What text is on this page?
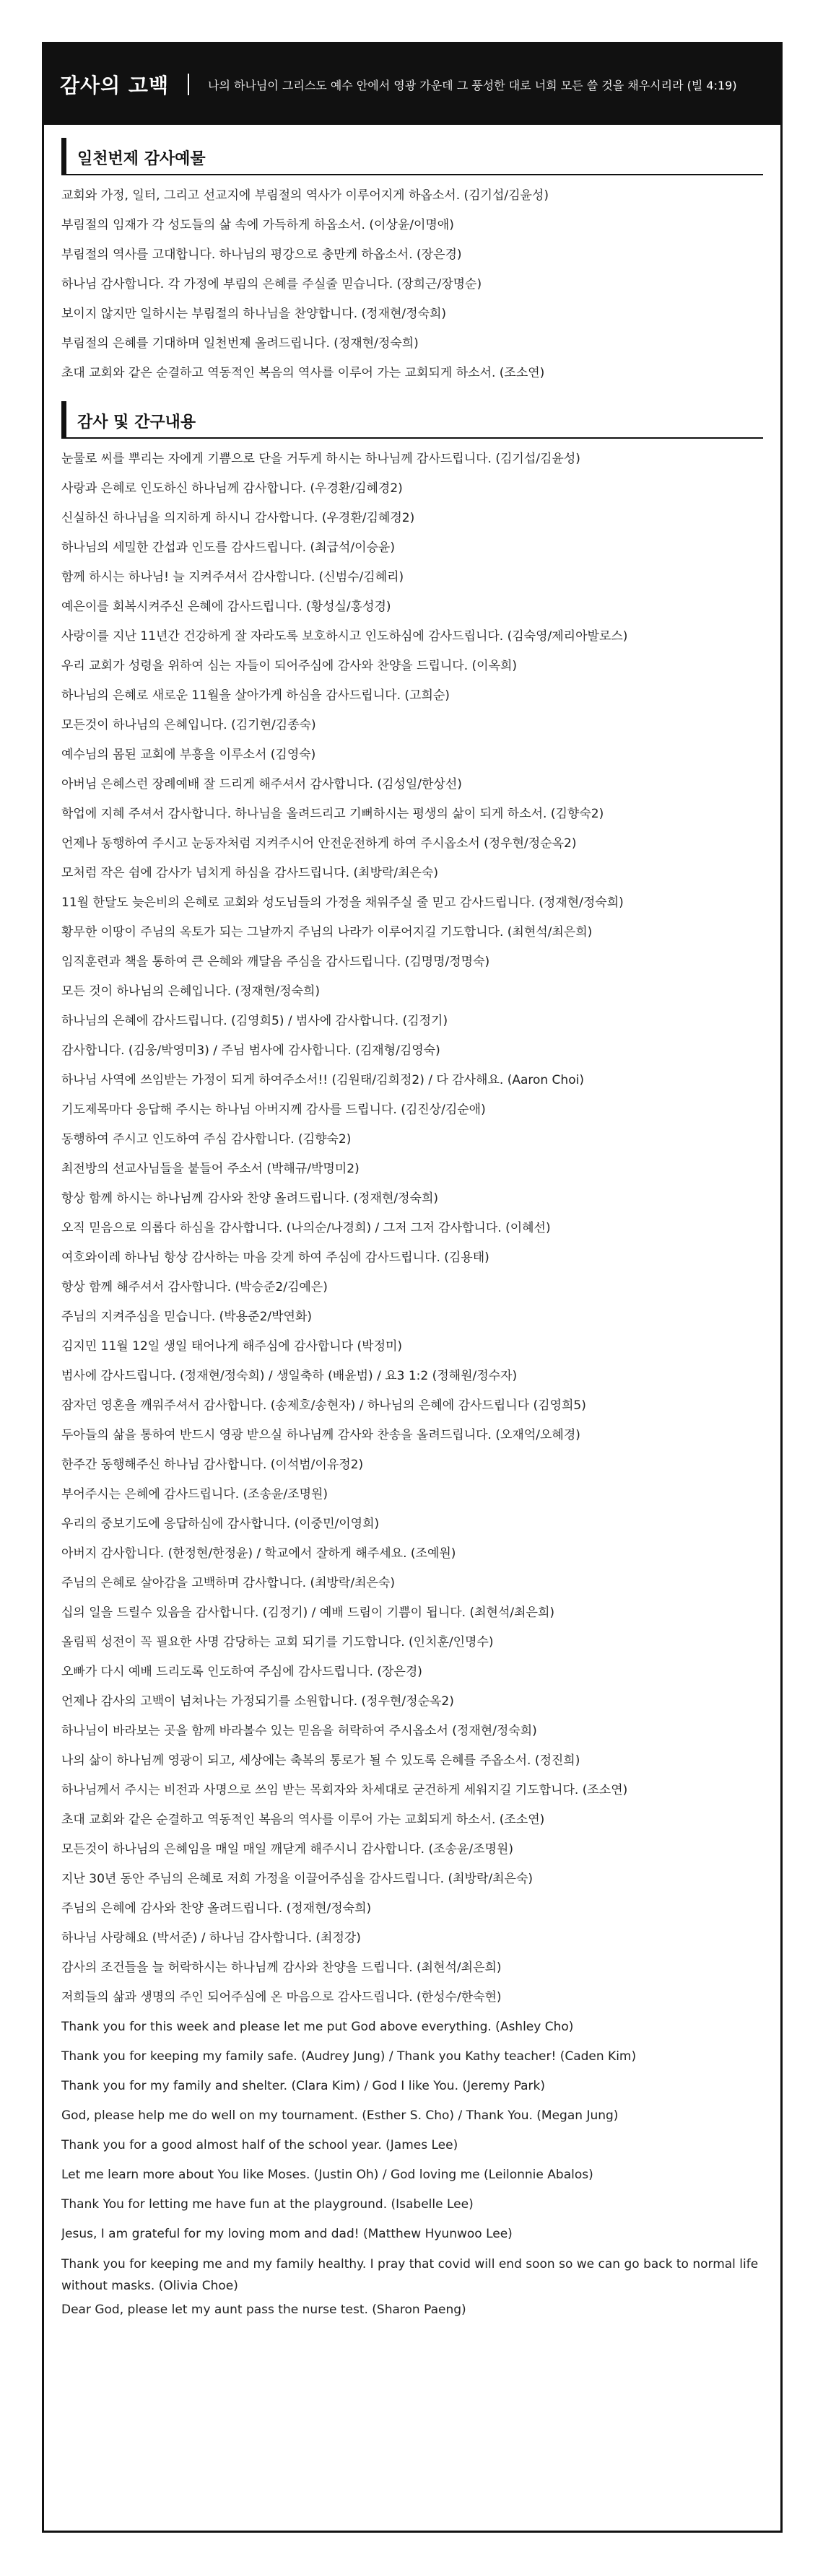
감사의 고백	나의 하나님이 그리스도 예수 안에서 영광 가운데 그 풍성한 대로 너희 모든 쓸 것을 채우시리라 (빌 4:19)
일천번제 감사예물
교회와 가정, 일터, 그리고 선교지에 부림절의 역사가 이루어지게 하옵소서. (김기섭/김윤성)
부림절의 임재가 각 성도들의 삶 속에 가득하게 하옵소서. (이상윤/이명애)
부림절의 역사를 고대합니다. 하나님의 평강으로 충만케 하옵소서. (장은경)
하나님 감사합니다. 각 가정에 부림의 은혜를 주실줄 믿습니다. (장희근/장명순)
보이지 않지만 일하시는 부림절의 하나님을 찬양합니다. (정재현/정숙희)
부림절의 은혜를 기대하며 일천번제 올려드립니다. (정재현/정숙희)
초대 교회와 같은 순결하고 역동적인 복음의 역사를 이루어 가는 교회되게 하소서. (조소연)
감사 및 간구내용
눈물로 씨를 뿌리는 자에게 기쁨으로 단을 거두게 하시는 하나님께 감사드립니다. (김기섭/김윤성)
사랑과 은혜로 인도하신 하나님께 감사합니다. (우경환/김혜경2)
신실하신 하나님을 의지하게 하시니 감사합니다. (우경환/김혜경2)
하나님의 세밀한 간섭과 인도를 감사드립니다. (최급석/이승윤)
함께 하시는 하나님! 늘 지켜주셔서 감사합니다. (신범수/김혜리)
예은이를 회복시켜주신 은혜에 감사드립니다. (황성실/홍성경)
사랑이를 지난 11년간 건강하게 잘 자라도록 보호하시고 인도하심에 감사드립니다. (김숙영/제리아발로스)
우리 교회가 성령을 위하여 심는 자들이 되어주심에 감사와 찬양을 드립니다. (이옥희)
하나님의 은혜로 새로운 11월을 살아가게 하심을 감사드립니다. (고희순)
모든것이 하나님의 은혜입니다. (김기현/김종숙)
예수님의 몸된 교회에 부흥을 이루소서 (김영숙)
아버님 은혜스런 장례예배 잘 드리게 해주셔서 감사합니다. (김성일/한상선)
학업에 지혜 주셔서 감사합니다. 하나님을 올려드리고 기뻐하시는 평생의 삶이 되게 하소서. (김향숙2)
언제나 동행하여 주시고 눈동자처럼 지켜주시어 안전운전하게 하여 주시옵소서 (정우현/정순옥2)
모처럼 작은 쉼에 감사가 넘치게 하심을 감사드립니다. (최방락/최은숙)
11월 한달도 늦은비의 은혜로 교회와 성도님들의 가정을 채워주실 줄 믿고 감사드립니다. (정재현/정숙희)
황무한 이땅이 주님의 옥토가 되는 그날까지 주님의 나라가 이루어지길 기도합니다. (최현석/최은희)
임직훈련과 책을 통하여 큰 은혜와 깨달음 주심을 감사드립니다. (김명명/정명숙)
모든 것이 하나님의 은혜입니다. (정재현/정숙희)
하나님의 은혜에 감사드립니다. (김영희5) / 범사에 감사합니다. (김정기)
감사합니다. (김웅/박영미3) / 주님 범사에 감사합니다. (김재형/김영숙)
하나님 사역에 쓰임받는 가정이 되게 하여주소서!! (김원태/김희정2) / 다 감사해요. (Aaron Choi)
기도제목마다 응답해 주시는 하나님 아버지께 감사를 드립니다. (김진상/김순애)
동행하여 주시고 인도하여 주심 감사합니다. (김향숙2)
최전방의 선교사님들을 붙들어 주소서 (박해규/박명미2)
항상 함께 하시는 하나님께 감사와 찬양 올려드립니다. (정재현/정숙희)
오직 믿음으로 의롭다 하심을 감사합니다. (나의순/나경희) / 그저 그저 감사합니다. (이혜선)
여호와이레 하나님 항상 감사하는 마음 갖게 하여 주심에 감사드립니다. (김용태)
항상 함께 해주셔서 감사합니다. (박승준2/김예은)
주님의 지켜주심을 믿습니다. (박용준2/박연화)
김지민 11월 12일 생일 태어나게 해주심에 감사합니다 (박정미)
범사에 감사드립니다. (정재현/정숙희) / 생일축하 (배윤범) / 요3 1:2 (정해원/정수자)
잠자던 영혼을 깨워주셔서 감사합니다. (송제호/송현자) / 하나님의 은혜에 감사드립니다 (김영희5)
두아들의 삶을 통하여 반드시 영광 받으실 하나님께 감사와 찬송을 올려드립니다. (오재억/오혜경)
한주간 동행해주신 하나님 감사합니다. (이석범/이유정2)
부어주시는 은혜에 감사드립니다. (조송윤/조명원)
우리의 중보기도에 응답하심에 감사합니다. (이중민/이영희)
아버지 감사합니다. (한정현/한정윤) / 학교에서 잘하게 해주세요. (조예원)
주님의 은혜로 살아감을 고백하며 감사합니다. (최방락/최은숙)
십의 일을 드릴수 있음을 감사합니다. (김정기) / 예배 드림이 기쁨이 됩니다. (최현석/최은희)
올림픽 성전이 꼭 필요한 사명 감당하는 교회 되기를 기도합니다. (인치훈/인명수)
오빠가 다시 예배 드리도록 인도하여 주심에 감사드립니다. (장은경)
언제나 감사의 고백이 넘쳐나는 가정되기를 소원합니다. (정우현/정순옥2)
하나님이 바라보는 곳을 함께 바라볼수 있는 믿음을 허락하여 주시옵소서 (정재현/정숙희)
나의 삶이 하나님께 영광이 되고, 세상에는 축복의 통로가 될 수 있도록 은혜를 주옵소서. (정진희)
하나님께서 주시는 비전과 사명으로 쓰임 받는 목회자와 차세대로 굳건하게 세워지길 기도합니다. (조소연)
초대 교회와 같은 순결하고 역동적인 복음의 역사를 이루어 가는 교회되게 하소서. (조소연)
모든것이 하나님의 은혜임을 매일 매일 깨닫게 해주시니 감사합니다. (조송윤/조명원)
지난 30년 동안 주님의 은혜로 저희 가정을 이끌어주심을 감사드립니다. (최방락/최은숙)
주님의 은혜에 감사와 찬양 올려드립니다. (정재현/정숙희)
하나님 사랑해요 (박서준) / 하나님 감사합니다. (최정강)
감사의 조건들을 늘 허락하시는 하나님께 감사와 찬양을 드립니다. (최현석/최은희)
저희들의 삶과 생명의 주인 되어주심에 온 마음으로 감사드립니다. (한성수/한숙현)
Thank you for this week and please let me put God above everything. (Ashley Cho)
Thank you for keeping my family safe. (Audrey Jung) / Thank you Kathy teacher! (Caden Kim)
Thank you for my family and shelter. (Clara Kim) / God I like You. (Jeremy Park)
God, please help me do well on my tournament. (Esther S. Cho) / Thank You. (Megan Jung)
Thank you for a good almost half of the school year. (James Lee)
Let me learn more about You like Moses. (Justin Oh) / God loving me (Leilonnie Abalos)
Thank You for letting me have fun at the playground. (Isabelle Lee)
Jesus, I am grateful for my loving mom and dad! (Matthew Hyunwoo Lee)
Thank you for keeping me and my family healthy. I pray that covid will end soon so we can go back to normal life without masks. (Olivia Choe)
Dear God, please let my aunt pass the nurse test. (Sharon Paeng)
